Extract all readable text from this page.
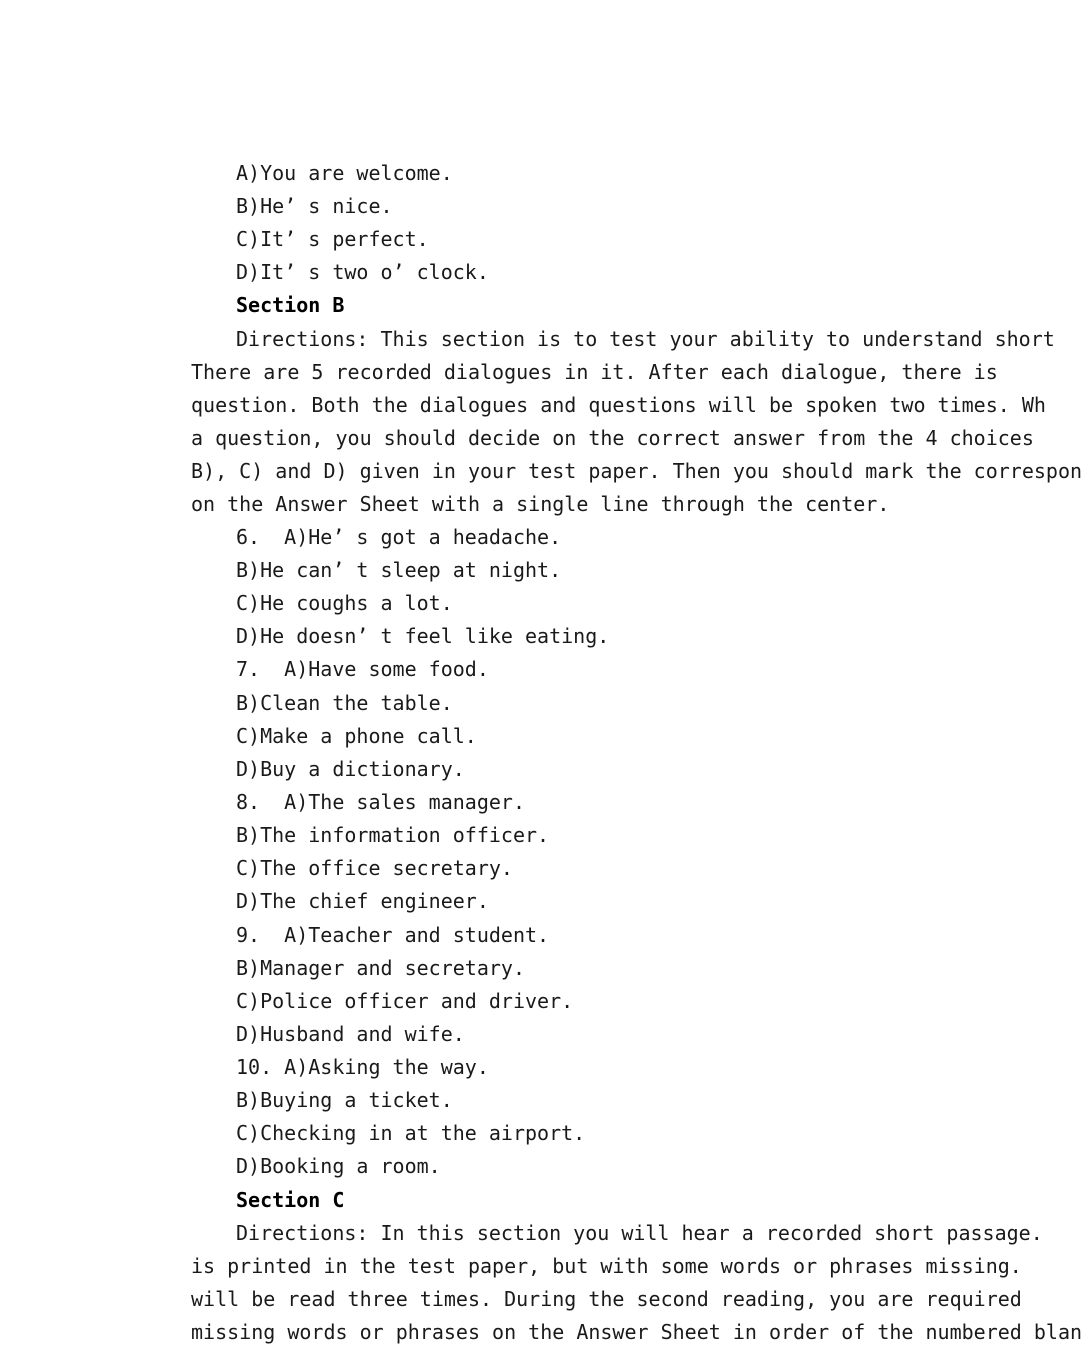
A)You are welcome.
B)He’ s nice.
C)It’ s perfect.
D)It’ s two o’ clock.
Section B
Directions: This section is to test your ability to understand short
There are 5 recorded dialogues in it. After each dialogue, there is
question. Both the dialogues and questions will be spoken two times. Wh
a question, you should decide on the correct answer from the 4 choices
B), C) and D) given in your test paper. Then you should mark the correspon
on the Answer Sheet with a single line through the center.
6.  A)He’ s got a headache.
B)He can’ t sleep at night.
C)He coughs a lot.
D)He doesn’ t feel like eating.
7.  A)Have some food.
B)Clean the table.
C)Make a phone call.
D)Buy a dictionary.
8.  A)The sales manager.
B)The information officer.
C)The office secretary.
D)The chief engineer.
9.  A)Teacher and student.
B)Manager and secretary.
C)Police officer and driver.
D)Husband and wife.
10. A)Asking the way.
B)Buying a ticket.
C)Checking in at the airport.
D)Booking a room.
Section C
Directions: In this section you will hear a recorded short passage.
is printed in the test paper, but with some words or phrases missing.
will be read three times. During the second reading, you are required
missing words or phrases on the Answer Sheet in order of the numbered blan
